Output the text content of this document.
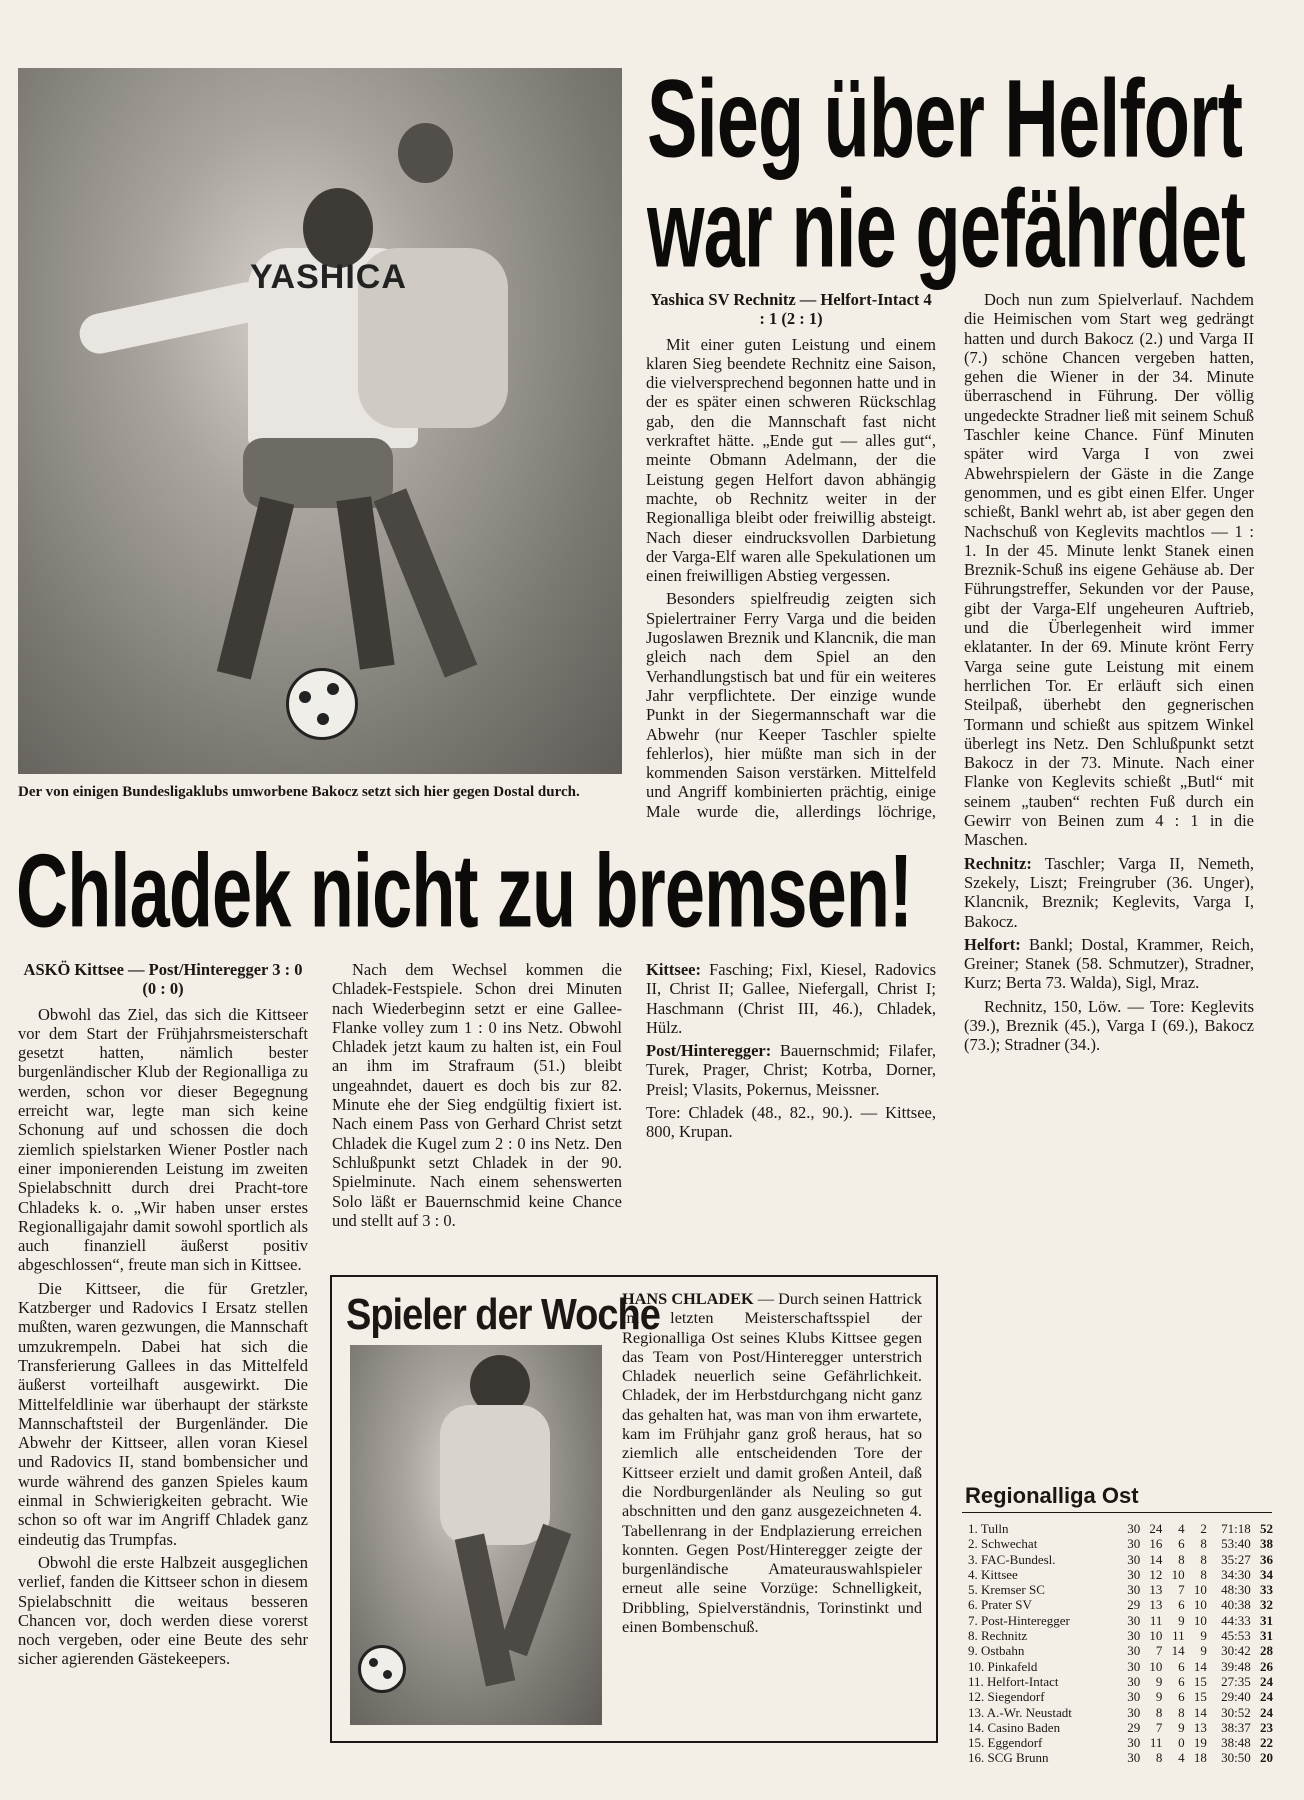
YASHICA
Der von einigen Bundesligaklubs umworbene Bakocz setzt sich hier gegen Dostal durch.
Sieg über Helfort
war nie gefährdet

Yashica SV Rechnitz — Helfort-Intact 4 : 1 (2 : 1)

Mit einer guten Leistung und einem klaren Sieg beendete Rechnitz eine Saison, die vielversprechend begonnen hatte und in der es später einen schweren Rückschlag gab, den die Mannschaft fast nicht verkraftet hätte. „Ende gut — alles gut“, meinte Obmann Adelmann, der die Leistung gegen Helfort davon abhängig machte, ob Rechnitz weiter in der Regionalliga bleibt oder freiwillig absteigt. Nach dieser eindrucksvollen Darbietung der Varga-Elf waren alle Spekulationen um einen freiwilligen Abstieg vergessen.

Besonders spielfreudig zeigten sich Spielertrainer Ferry Varga und die beiden Jugoslawen Breznik und Klancnik, die man gleich nach dem Spiel an den Verhandlungstisch bat und für ein weiteres Jahr verpflichtete. Der einzige wunde Punkt in der Siegermannschaft war die Abwehr (nur Keeper Taschler spielte fehlerlos), hier müßte man sich in der kommenden Saison verstärken. Mittelfeld und Angriff kombinierten prächtig, einige Male wurde die, allerdings löchrige,

Doch nun zum Spielverlauf. Nachdem die Heimischen vom Start weg gedrängt hatten und durch Bakocz (2.) und Varga II (7.) schöne Chancen vergeben hatten, gehen die Wiener in der 34. Minute überraschend in Führung. Der völlig ungedeckte Stradner ließ mit seinem Schuß Taschler keine Chance. Fünf Minuten später wird Varga I von zwei Abwehrspielern der Gäste in die Zange genommen, und es gibt einen Elfer. Unger schießt, Bankl wehrt ab, ist aber gegen den Nachschuß von Keglevits machtlos — 1 : 1. In der 45. Minute lenkt Stanek einen Breznik-Schuß ins eigene Gehäuse ab. Der Führungstreffer, Sekunden vor der Pause, gibt der Varga-Elf ungeheuren Auftrieb, und die Überlegenheit wird immer eklatanter. In der 69. Minute krönt Ferry Varga seine gute Leistung mit einem herrlichen Tor. Er erläuft sich einen Steilpaß, überhebt den gegnerischen Tormann und schießt aus spitzem Winkel überlegt ins Netz. Den Schlußpunkt setzt Bakocz in der 73. Minute. Nach einer Flanke von Keglevits schießt „Butl“ mit seinem „tauben“ rechten Fuß durch ein Gewirr von Beinen zum 4 : 1 in die Maschen.

Rechnitz: Taschler; Varga II, Nemeth, Szekely, Liszt; Freingruber (36. Unger), Klancnik, Breznik; Keglevits, Varga I, Bakocz.

Helfort: Bankl; Dostal, Krammer, Reich, Greiner; Stanek (58. Schmutzer), Stradner, Kurz; Berta 73. Walda), Sigl, Mraz.

Rechnitz, 150, Löw. — Tore: Keglevits (39.), Breznik (45.), Varga I (69.), Bakocz (73.); Stradner (34.).

Chladek nicht zu bremsen!

ASKÖ Kittsee — Post/Hinteregger 3 : 0 (0 : 0)

Obwohl das Ziel, das sich die Kittseer vor dem Start der Frühjahrsmeisterschaft gesetzt hatten, nämlich bester burgenländischer Klub der Regionalliga zu werden, schon vor dieser Begegnung erreicht war, legte man sich keine Schonung auf und schossen die doch ziemlich spielstarken Wiener Postler nach einer imponierenden Leistung im zweiten Spielabschnitt durch drei Pracht-tore Chladeks k. o. „Wir haben unser erstes Regionalligajahr damit sowohl sportlich als auch finanziell äußerst positiv abgeschlossen“, freute man sich in Kittsee.

Die Kittseer, die für Gretzler, Katzberger und Radovics I Ersatz stellen mußten, waren gezwungen, die Mannschaft umzukrempeln. Dabei hat sich die Transferierung Gallees in das Mittelfeld äußerst vorteilhaft ausgewirkt. Die Mittelfeldlinie war überhaupt der stärkste Mannschaftsteil der Burgenländer. Die Abwehr der Kittseer, allen voran Kiesel und Radovics II, stand bombensicher und wurde während des ganzen Spieles kaum einmal in Schwierigkeiten gebracht. Wie schon so oft war im Angriff Chladek ganz eindeutig das Trumpfas.

Obwohl die erste Halbzeit ausgeglichen verlief, fanden die Kittseer schon in diesem Spielabschnitt die weitaus besseren Chancen vor, doch werden diese vorerst noch vergeben, oder eine Beute des sehr sicher agierenden Gästekeepers.

Nach dem Wechsel kommen die Chladek-Festspiele. Schon drei Minuten nach Wiederbeginn setzt er eine Gallee-Flanke volley zum 1 : 0 ins Netz. Obwohl Chladek jetzt kaum zu halten ist, ein Foul an ihm im Strafraum (51.) bleibt ungeahndet, dauert es doch bis zur 82. Minute ehe der Sieg endgültig fixiert ist. Nach einem Pass von Gerhard Christ setzt Chladek die Kugel zum 2 : 0 ins Netz. Den Schlußpunkt setzt Chladek in der 90. Spielminute. Nach einem sehenswerten Solo läßt er Bauernschmid keine Chance und stellt auf 3 : 0.

Kittsee: Fasching; Fixl, Kiesel, Radovics II, Christ II; Gallee, Niefergall, Christ I; Haschmann (Christ III, 46.), Chladek, Hülz.

Post/Hinteregger: Bauernschmid; Filafer, Turek, Prager, Christ; Kotrba, Dorner, Preisl; Vlasits, Pokernus, Meissner.

Tore: Chladek (48., 82., 90.). — Kittsee, 800, Krupan.

Spieler der Woche

HANS CHLADEK — Durch seinen Hattrick im letzten Meisterschaftsspiel der Regionalliga Ost seines Klubs Kittsee gegen das Team von Post/Hinteregger unterstrich Chladek neuerlich seine Gefährlichkeit. Chladek, der im Herbstdurchgang nicht ganz das gehalten hat, was man von ihm erwartete, kam im Frühjahr ganz groß heraus, hat so ziemlich alle entscheidenden Tore der Kittseer erzielt und damit großen Anteil, daß die Nordburgenländer als Neuling so gut abschnitten und den ganz ausgezeichneten 4. Tabellenrang in der Endplazierung erreichen konnten. Gegen Post/Hinteregger zeigte der burgenländische Amateurauswahlspieler erneut alle seine Vorzüge: Schnelligkeit, Dribbling, Spielverständnis, Torinstinkt und einen Bombenschuß.

Regionalliga Ost
1. Tulln	30	24	4	2	71:18	52
2. Schwechat	30	16	6	8	53:40	38
3. FAC-Bundesl.	30	14	8	8	35:27	36
4. Kittsee	30	12	10	8	34:30	34
5. Kremser SC	30	13	7	10	48:30	33
6. Prater SV	29	13	6	10	40:38	32
7. Post-Hinteregger	30	11	9	10	44:33	31
8. Rechnitz	30	10	11	9	45:53	31
9. Ostbahn	30	7	14	9	30:42	28
10. Pinkafeld	30	10	6	14	39:48	26
11. Helfort-Intact	30	9	6	15	27:35	24
12. Siegendorf	30	9	6	15	29:40	24
13. A.-Wr. Neustadt	30	8	8	14	30:52	24
14. Casino Baden	29	7	9	13	38:37	23
15. Eggendorf	30	11	0	19	38:48	22
16. SCG Brunn	30	8	4	18	30:50	20
